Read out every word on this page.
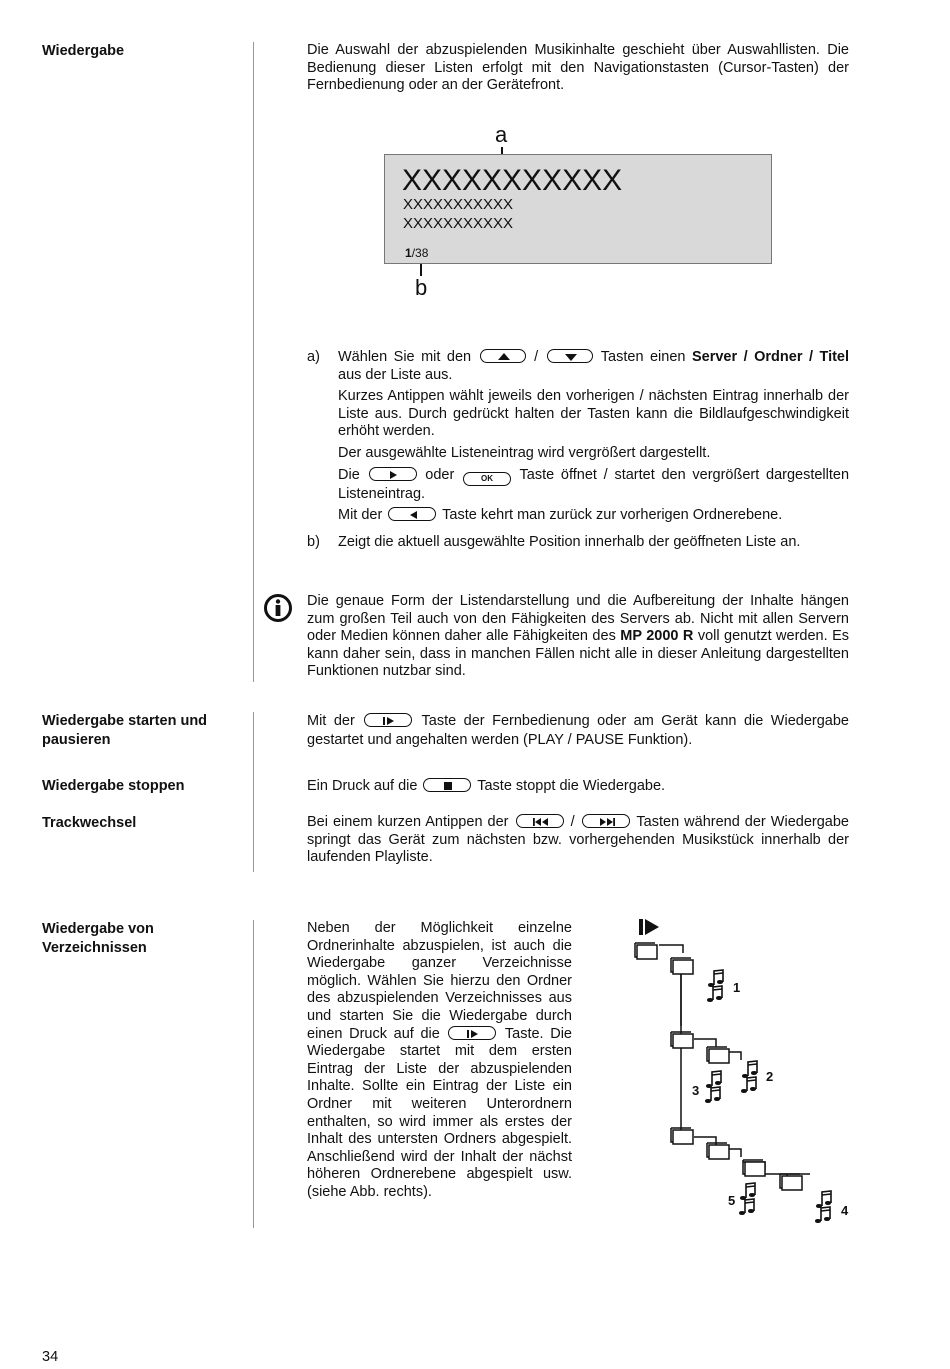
Wiedergabe	Die Auswahl der abzuspielenden Musikinhalte geschieht über Auswahllisten. Die Bedienung dieser Listen erfolgt mit den Navigationstasten (Cursor-Tasten) der Fernbedienung oder an der Gerätefront.
a
XXXXXXXXXXX
XXXXXXXXXXX
XXXXXXXXXXX
1/38
b
a) Wählen Sie mit den	/	Tasten einen Server / Ordner / Titel
aus der Liste aus.
Kurzes Antippen wählt jeweils den vorherigen / nächsten Eintrag innerhalb der Liste aus. Durch gedrückt halten der Tasten kann die Bildlaufgeschwindigkeit erhöht werden.
Der ausgewählte Listeneintrag wird vergrößert dargestellt.
Die	oder	OK Taste öffnet / startet den vergrößert dargestellten Listeneintrag.
Mit der	Taste kehrt man zurück zur vorherigen Ordnerebene.
b) Zeigt die aktuell ausgewählte Position innerhalb der geöffneten Liste an.
Die genaue Form der Listendarstellung und die Aufbereitung der Inhalte hängen zum großen Teil auch von den Fähigkeiten des Servers ab. Nicht mit allen Servern oder Medien können daher alle Fähigkeiten des MP 2000 R voll genutzt werden. Es kann daher sein, dass in manchen Fällen nicht alle in dieser Anleitung dargestellten Funktionen nutzbar sind.
Wiedergabe starten und pausieren
Mit der	Taste der Fernbedienung oder am Gerät kann die Wiedergabe gestartet und angehalten werden (PLAY / PAUSE Funktion).
Wiedergabe stoppen	Ein Druck auf die	Taste stoppt die Wiedergabe.
Trackwechsel	Bei einem kurzen Antippen der	/	Tasten während der Wiedergabe springt das Gerät zum nächsten bzw. vorhergehenden Musikstück innerhalb der laufenden Playliste.
Wiedergabe von Verzeichnissen
Neben der Möglichkeit einzelne Ordnerinhalte abzuspielen, ist auch die Wiedergabe ganzer Verzeichnisse möglich. Wählen Sie hierzu den Ordner des abzuspielenden Verzeichnisses aus und starten Sie die Wiedergabe durch einen Druck auf die	Taste. Die Wiedergabe startet mit dem ersten Eintrag der Liste der abzuspielenden Inhalte. Sollte ein Eintrag der Liste ein Ordner mit weiteren Unterordnern enthalten, so wird immer als erstes der Inhalt des untersten Ordners abgespielt. Anschließend wird der Inhalt der nächst höheren Ordnerebene abgespielt usw. (siehe Abb. rechts).
1
2
3
5
4
34
